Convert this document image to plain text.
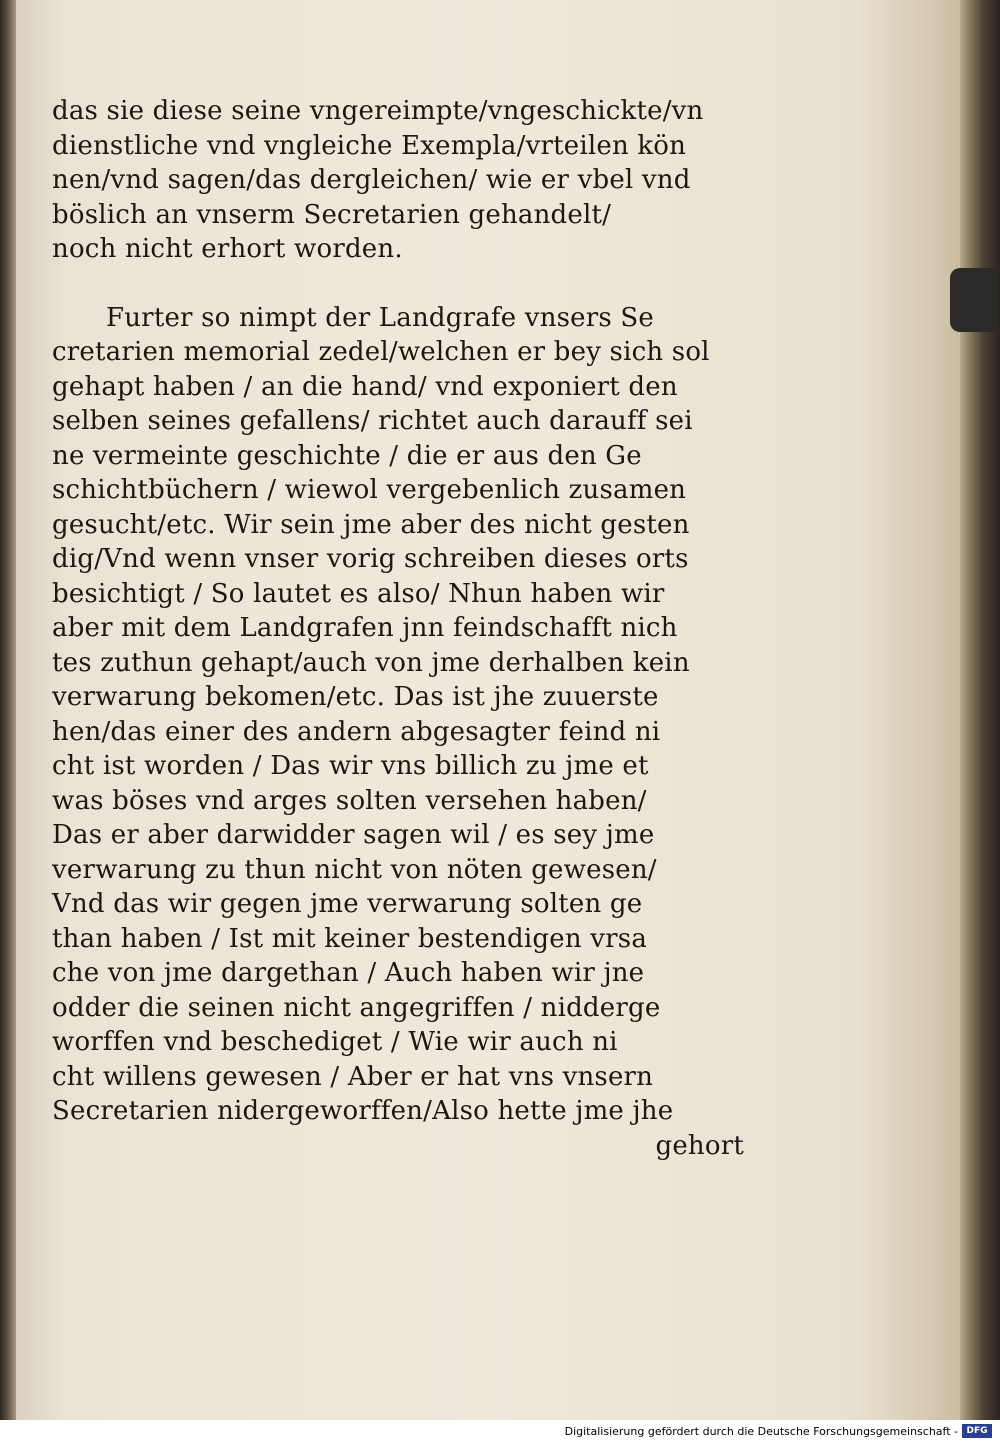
das sie diese seine vngereimpte/vngeschickte/vn
dienstliche vnd vngleiche Exempla/vrteilen kön
nen/vnd sagen/das dergleichen/ wie er vbel vnd
böslich an vnserm Secretarien gehandelt/
noch nicht erhort worden.
Furter so nimpt der Landgrafe vnsers Se
cretarien memorial zedel/welchen er bey sich sol
gehapt haben / an die hand/ vnd exponiert den
selben seines gefallens/ richtet auch darauff sei
ne vermeinte geschichte / die er aus den Ge
schichtbüchern / wiewol vergebenlich zusamen
gesucht/etc. Wir sein jme aber des nicht gesten
dig/Vnd wenn vnser vorig schreiben dieses orts
besichtigt / So lautet es also/ Nhun haben wir
aber mit dem Landgrafen jnn feindschafft nich
tes zuthun gehapt/auch von jme derhalben kein
verwarung bekomen/etc. Das ist jhe zuuerste
hen/das einer des andern abgesagter feind ni
cht ist worden / Das wir vns billich zu jme et
was böses vnd arges solten versehen haben/
Das er aber darwidder sagen wil / es sey jme
verwarung zu thun nicht von nöten gewesen/
Vnd das wir gegen jme verwarung solten ge
than haben / Ist mit keiner bestendigen vrsa
che von jme dargethan / Auch haben wir jne
odder die seinen nicht angegriffen / nidderge
worffen vnd beschediget / Wie wir auch ni
cht willens gewesen / Aber er hat vns vnsern
Secretarien nidergeworffen/Also hette jme jhe
gehort
Digitalisierung gefördert durch die Deutsche Forschungsgemeinschaft - DFG
